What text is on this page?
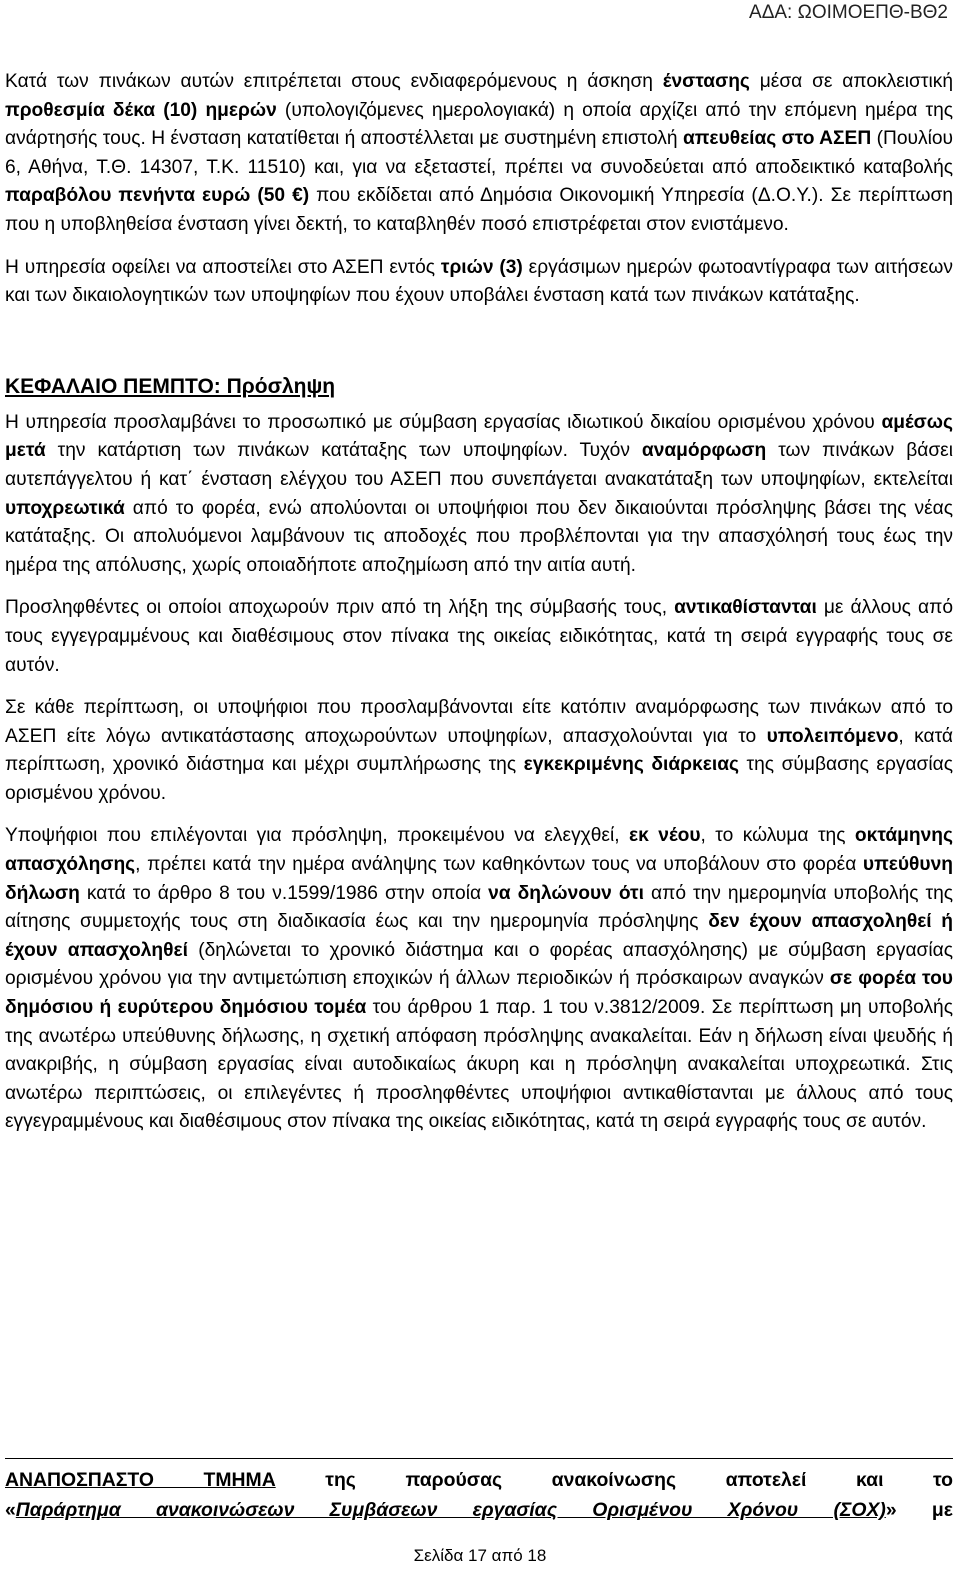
ΑΔΑ: ΩΟΙΜΟΕΠΘ-ΒΘ2

Κατά των πινάκων αυτών επιτρέπεται στους ενδιαφερόμενους η άσκηση ένστασης μέσα σε αποκλειστική προθεσμία δέκα (10) ημερών (υπολογιζόμενες ημερολογιακά) η οποία αρχίζει από την επόμενη ημέρα της ανάρτησής τους. Η ένσταση κατατίθεται ή αποστέλλεται με συστημένη επιστολή απευθείας στο ΑΣΕΠ (Πουλίου 6, Αθήνα, Τ.Θ. 14307, Τ.Κ. 11510) και, για να εξεταστεί, πρέπει να συνοδεύεται από αποδεικτικό καταβολής παραβόλου πενήντα ευρώ (50 €) που εκδίδεται από Δημόσια Οικονομική Υπηρεσία (Δ.Ο.Υ.). Σε περίπτωση που η υποβληθείσα ένσταση γίνει δεκτή, το καταβληθέν ποσό επιστρέφεται στον ενιστάμενο.

Η υπηρεσία οφείλει να αποστείλει στο ΑΣΕΠ εντός τριών (3) εργάσιμων ημερών φωτοαντίγραφα των αιτήσεων και των δικαιολογητικών των υποψηφίων που έχουν υποβάλει ένσταση κατά των πινάκων κατάταξης.

ΚΕΦΑΛΑΙΟ ΠΕΜΠΤΟ: Πρόσληψη

Η υπηρεσία προσλαμβάνει το προσωπικό με σύμβαση εργασίας ιδιωτικού δικαίου ορισμένου χρόνου αμέσως μετά την κατάρτιση των πινάκων κατάταξης των υποψηφίων. Τυχόν αναμόρφωση των πινάκων βάσει αυτεπάγγελτου ή κατ΄ ένσταση ελέγχου του ΑΣΕΠ που συνεπάγεται ανακατάταξη των υποψηφίων, εκτελείται υποχρεωτικά από το φορέα, ενώ απολύονται οι υποψήφιοι που δεν δικαιούνται πρόσληψης βάσει της νέας κατάταξης. Οι απολυόμενοι λαμβάνουν τις αποδοχές που προβλέπονται για την απασχόλησή τους έως την ημέρα της απόλυσης, χωρίς οποιαδήποτε αποζημίωση από την αιτία αυτή.

Προσληφθέντες οι οποίοι αποχωρούν πριν από τη λήξη της σύμβασής τους, αντικαθίστανται με άλλους από τους εγγεγραμμένους και διαθέσιμους στον πίνακα της οικείας ειδικότητας, κατά τη σειρά εγγραφής τους σε αυτόν.

Σε κάθε περίπτωση, οι υποψήφιοι που προσλαμβάνονται είτε κατόπιν αναμόρφωσης των πινάκων από το ΑΣΕΠ είτε λόγω αντικατάστασης αποχωρούντων υποψηφίων, απασχολούνται για το υπολειπόμενο, κατά περίπτωση, χρονικό διάστημα και μέχρι συμπλήρωσης της εγκεκριμένης διάρκειας της σύμβασης εργασίας ορισμένου χρόνου.

Υποψήφιοι που επιλέγονται για πρόσληψη, προκειμένου να ελεγχθεί, εκ νέου, το κώλυμα της οκτάμηνης απασχόλησης, πρέπει κατά την ημέρα ανάληψης των καθηκόντων τους να υποβάλουν στο φορέα υπεύθυνη δήλωση κατά το άρθρο 8 του ν.1599/1986 στην οποία να δηλώνουν ότι από την ημερομηνία υποβολής της αίτησης συμμετοχής τους στη διαδικασία έως και την ημερομηνία πρόσληψης δεν έχουν απασχοληθεί ή έχουν απασχοληθεί (δηλώνεται το χρονικό διάστημα και ο φορέας απασχόλησης) με σύμβαση εργασίας ορισμένου χρόνου για την αντιμετώπιση εποχικών ή άλλων περιοδικών ή πρόσκαιρων αναγκών σε φορέα του δημόσιου ή ευρύτερου δημόσιου τομέα του άρθρου 1 παρ. 1 του ν.3812/2009. Σε περίπτωση μη υποβολής της ανωτέρω υπεύθυνης δήλωσης, η σχετική απόφαση πρόσληψης ανακαλείται. Εάν η δήλωση είναι ψευδής ή ανακριβής, η σύμβαση εργασίας είναι αυτοδικαίως άκυρη και η πρόσληψη ανακαλείται υποχρεωτικά. Στις ανωτέρω περιπτώσεις, οι επιλεγέντες ή προσληφθέντες υποψήφιοι αντικαθίστανται με άλλους από τους εγγεγραμμένους και διαθέσιμους στον πίνακα της οικείας ειδικότητας, κατά τη σειρά εγγραφής τους σε αυτόν.

ΑΝΑΠΟΣΠΑΣΤΟ ΤΜΗΜΑ της παρούσας ανακοίνωσης αποτελεί και το

«Παράρτημα ανακοινώσεων Συμβάσεων εργασίας Ορισμένου Χρόνου (ΣΟΧ)» με

Σελίδα 17 από 18
